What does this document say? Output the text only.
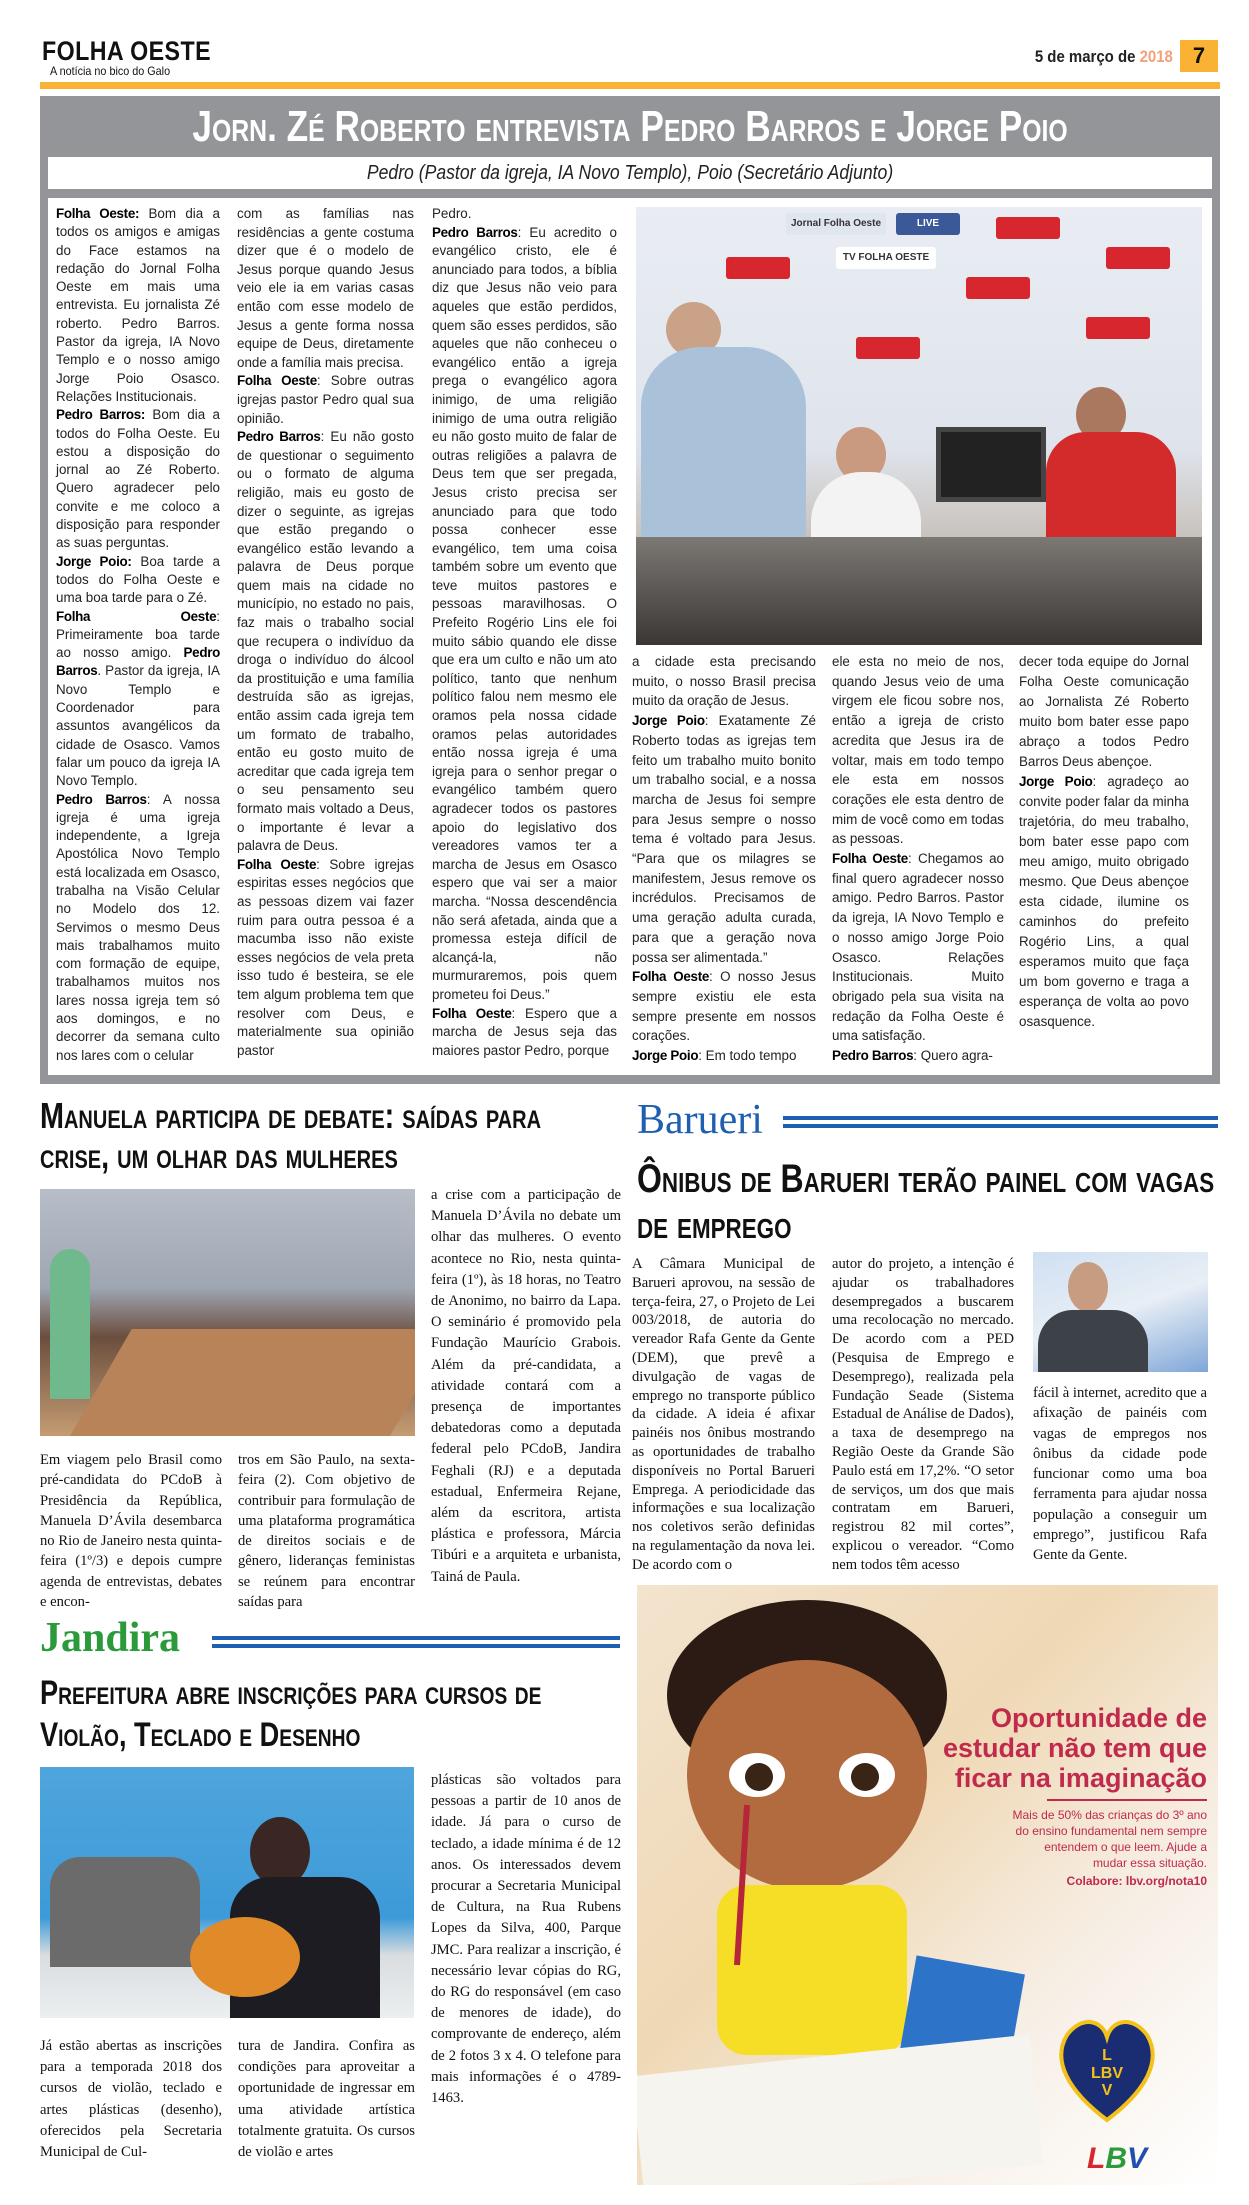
FOLHA OESTE
A notícia no bico do Galo
5 de março de 2018 7
Jorn. Zé Roberto entrevista Pedro Barros e Jorge Poio
Pedro (Pastor da igreja, IA Novo Templo), Poio (Secretário Adjunto)

Folha Oeste: Bom dia a todos os amigos e amigas do Face estamos na redação do Jornal Folha Oeste em mais uma entrevista. Eu jornalista Zé roberto. Pedro Barros. Pastor da igreja, IA Novo Templo e o nosso amigo Jorge Poio Osasco. Relações Institucionais.

Pedro Barros: Bom dia a todos do Folha Oeste. Eu estou a disposição do jornal ao Zé Roberto. Quero agradecer pelo convite e me coloco a disposição para responder as suas perguntas.

Jorge Poio: Boa tarde a todos do Folha Oeste e uma boa tarde para o Zé.

Folha Oeste: Primeiramente boa tarde ao nosso amigo. Pedro Barros. Pastor da igreja, IA Novo Templo e Coordenador para assuntos avangélicos da cidade de Osasco. Vamos falar um pouco da igreja IA Novo Templo.

Pedro Barros: A nossa igreja é uma igreja independente, a Igreja Apostólica Novo Templo está localizada em Osasco, trabalha na Visão Celular no Modelo dos 12. Servimos o mesmo Deus mais trabalhamos muito com formação de equipe, trabalhamos muitos nos lares nossa igreja tem só aos domingos, e no decorrer da semana culto nos lares com o celular

com as famílias nas residências a gente costuma dizer que é o modelo de Jesus porque quando Jesus veio ele ia em varias casas então com esse modelo de Jesus a gente forma nossa equipe de Deus, diretamente onde a família mais precisa.

Folha Oeste: Sobre outras igrejas pastor Pedro qual sua opinião.

Pedro Barros: Eu não gosto de questionar o seguimento ou o formato de alguma religião, mais eu gosto de dizer o seguinte, as igrejas que estão pregando o evangélico estão levando a palavra de Deus porque quem mais na cidade no município, no estado no pais, faz mais o trabalho social que recupera o indivíduo da droga o indivíduo do álcool da prostituição e uma família destruída são as igrejas, então assim cada igreja tem um formato de trabalho, então eu gosto muito de acreditar que cada igreja tem o seu pensamento seu formato mais voltado a Deus, o importante é levar a palavra de Deus.

Folha Oeste: Sobre igrejas espiritas esses negócios que as pessoas dizem vai fazer ruim para outra pessoa é a macumba isso não existe esses negócios de vela preta isso tudo é besteira, se ele tem algum problema tem que resolver com Deus, e materialmente sua opinião pastor

Pedro.

Pedro Barros: Eu acredito o evangélico cristo, ele é anunciado para todos, a bíblia diz que Jesus não veio para aqueles que estão perdidos, quem são esses perdidos, são aqueles que não conheceu o evangélico então a igreja prega o evangélico agora inimigo, de uma religião inimigo de uma outra religião eu não gosto muito de falar de outras religiões a palavra de Deus tem que ser pregada, Jesus cristo precisa ser anunciado para que todo possa conhecer esse evangélico, tem uma coisa também sobre um evento que teve muitos pastores e pessoas maravilhosas. O Prefeito Rogério Lins ele foi muito sábio quando ele disse que era um culto e não um ato político, tanto que nenhum político falou nem mesmo ele oramos pela nossa cidade oramos pelas autoridades então nossa igreja é uma igreja para o senhor pregar o evangélico também quero agradecer todos os pastores apoio do legislativo dos vereadores vamos ter a marcha de Jesus em Osasco espero que vai ser a maior marcha. “Nossa descendência não será afetada, ainda que a promessa esteja difícil de alcançá-la, não murmuraremos, pois quem prometeu foi Deus.”

Folha Oeste: Espero que a marcha de Jesus seja das maiores pastor Pedro, porque

a cidade esta precisando muito, o nosso Brasil precisa muito da oração de Jesus.

Jorge Poio: Exatamente Zé Roberto todas as igrejas tem feito um trabalho muito bonito um trabalho social, e a nossa marcha de Jesus foi sempre para Jesus sempre o nosso tema é voltado para Jesus. “Para que os milagres se manifestem, Jesus remove os incrédulos. Precisamos de uma geração adulta curada, para que a geração nova possa ser alimentada.”

Folha Oeste: O nosso Jesus sempre existiu ele esta sempre presente em nossos corações.

Jorge Poio: Em todo tempo

ele esta no meio de nos, quando Jesus veio de uma virgem ele ficou sobre nos, então a igreja de cristo acredita que Jesus ira de voltar, mais em todo tempo ele esta em nossos corações ele esta dentro de mim de você como em todas as pessoas.

Folha Oeste: Chegamos ao final quero agradecer nosso amigo. Pedro Barros. Pastor da igreja, IA Novo Templo e o nosso amigo Jorge Poio Osasco. Relações Institucionais. Muito obrigado pela sua visita na redação da Folha Oeste é uma satisfação.

Pedro Barros: Quero agra-

decer toda equipe do Jornal Folha Oeste comunicação ao Jornalista Zé Roberto muito bom bater esse papo abraço a todos Pedro Barros Deus abençoe.

Jorge Poio: agradeço ao convite poder falar da minha trajetória, do meu trabalho, bom bater esse papo com meu amigo, muito obrigado mesmo. Que Deus abençoe esta cidade, ilumine os caminhos do prefeito Rogério Lins, a qual esperamos muito que faça um bom governo e traga a esperança de volta ao povo osasquence.

Jornal Folha Oeste	LIVE
TV FOLHA OESTE
Manuela participa de debate: saídas para crise, um olhar das mulheres
Em viagem pelo Brasil como pré-candidata do PCdoB à Presidência da República, Manuela D’Ávila desembarca no Rio de Janeiro nesta quinta-feira (1º/3) e depois cumpre agenda de entrevistas, debates e encon-
tros em São Paulo, na sexta-feira (2). Com objetivo de contribuir para formulação de uma plataforma programática de direitos sociais e de gênero, lideranças feministas se reúnem para encontrar saídas para
a crise com a participação de Manuela D’Ávila no debate um olhar das mulheres. O evento acontece no Rio, nesta quinta-feira (1º), às 18 horas, no Teatro de Anonimo, no bairro da Lapa. O seminário é promovido pela Fundação Maurício Grabois. Além da pré-candidata, a atividade contará com a presença de importantes debatedoras como a deputada federal pelo PCdoB, Jandira Feghali (RJ) e a deputada estadual, Enfermeira Rejane, além da escritora, artista plástica e professora, Márcia Tibúri e a arquiteta e urbanista, Tainá de Paula.
Jandira
Prefeitura abre inscrições para cursos de Violão, Teclado e Desenho
Já estão abertas as inscrições para a temporada 2018 dos cursos de violão, teclado e artes plásticas (desenho), oferecidos pela Secretaria Municipal de Cul-
tura de Jandira. Confira as condições para aproveitar a oportunidade de ingressar em uma atividade artística totalmente gratuita. Os cursos de violão e artes
plásticas são voltados para pessoas a partir de 10 anos de idade. Já para o curso de teclado, a idade mínima é de 12 anos. Os interessados devem procurar a Secretaria Municipal de Cultura, na Rua Rubens Lopes da Silva, 400, Parque JMC. Para realizar a inscrição, é necessário levar cópias do RG, do RG do responsável (em caso de menores de idade), do comprovante de endereço, além de 2 fotos 3 x 4. O telefone para mais informações é o 4789-1463.
Barueri
Ônibus de Barueri terão painel com vagas de emprego
A Câmara Municipal de Barueri aprovou, na sessão de terça-feira, 27, o Projeto de Lei 003/2018, de autoria do vereador Rafa Gente da Gente (DEM), que prevê a divulgação de vagas de emprego no transporte público da cidade. A ideia é afixar painéis nos ônibus mostrando as oportunidades de trabalho disponíveis no Portal Barueri Emprega. A periodicidade das informações e sua localização nos coletivos serão definidas na regulamentação da nova lei. De acordo com o
autor do projeto, a intenção é ajudar os trabalhadores desempregados a buscarem uma recolocação no mercado. De acordo com a PED (Pesquisa de Emprego e Desemprego), realizada pela Fundação Seade (Sistema Estadual de Análise de Dados), a taxa de desemprego na Região Oeste da Grande São Paulo está em 17,2%. “O setor de serviços, um dos que mais contratam em Barueri, registrou 82 mil cortes”, explicou o vereador. “Como nem todos têm acesso
fácil à internet, acredito que a afixação de painéis com vagas de empregos nos ônibus da cidade pode funcionar como uma boa ferramenta para ajudar nossa população a conseguir um emprego”, justificou Rafa Gente da Gente.
L
LBV
V
Oportunidade de estudar não tem que ficar na imaginação
Mais de 50% das crianças do 3º ano do ensino fundamental nem sempre entendem o que leem. Ajude a mudar essa situação.
Colabore: lbv.org/nota10
LBV
